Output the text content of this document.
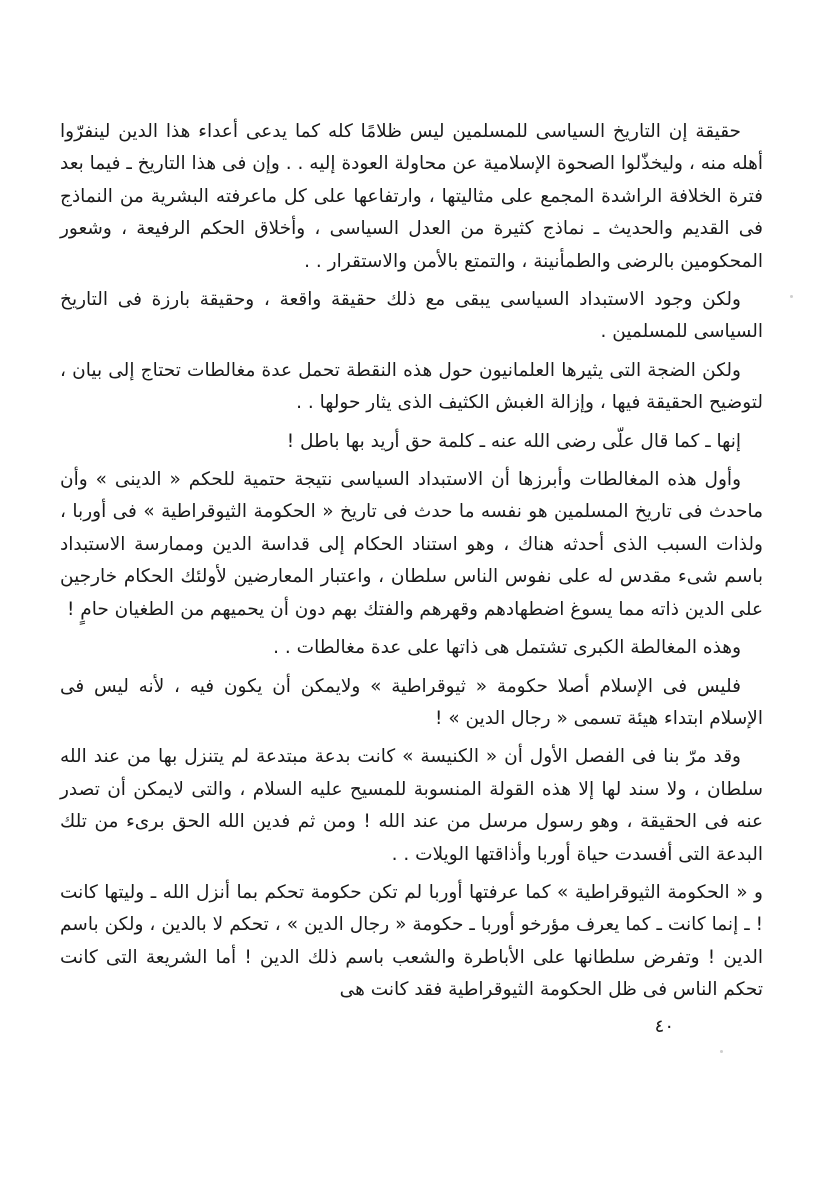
حقيقة إن التاريخ السياسى للمسلمين ليس ظلامًا كله كما يدعى أعداء هذا الدين لينفرّوا أهله منه ، وليخذّلوا الصحوة الإسلامية عن محاولة العودة إليه . . وإن فى هذا التاريخ ـ فيما بعد فترة الخلافة الراشدة المجمع على مثاليتها ، وارتفاعها على كل ماعرفته البشرية من النماذج فى القديم والحديث ـ نماذج كثيرة من العدل السياسى ، وأخلاق الحكم الرفيعة ، وشعور المحكومين بالرضى والطمأنينة ، والتمتع بالأمن والاستقرار . .

ولكن وجود الاستبداد السياسى يبقى مع ذلك حقيقة واقعة ، وحقيقة بارزة فى التاريخ السياسى للمسلمين .

ولكن الضجة التى يثيرها العلمانيون حول هذه النقطة تحمل عدة مغالطات تحتاج إلى بيان ، لتوضيح الحقيقة فيها ، وإزالة الغبش الكثيف الذى يثار حولها . .

إنها ـ كما قال علّى رضى الله عنه ـ كلمة حق أريد بها باطل !

وأول هذه المغالطات وأبرزها أن الاستبداد السياسى نتيجة حتمية للحكم « الدينى » وأن ماحدث فى تاريخ المسلمين هو نفسه ما حدث فى تاريخ « الحكومة الثيوقراطية » فى أوربا ، ولذات السبب الذى أحدثه هناك ، وهو استناد الحكام إلى قداسة الدين وممارسة الاستبداد باسم شىء مقدس له على نفوس الناس سلطان ، واعتبار المعارضين لأولئك الحكام خارجين على الدين ذاته مما يسوغ اضطهادهم وقهرهم والفتك بهم دون أن يحميهم من الطغيان حامٍ !

وهذه المغالطة الكبرى تشتمل هى ذاتها على عدة مغالطات . .

فليس فى الإسلام أصلا حكومة « ثيوقراطية » ولايمكن أن يكون فيه ، لأنه ليس فى الإسلام ابتداء هيئة تسمى « رجال الدين » !

وقد مرّ بنا فى الفصل الأول أن « الكنيسة » كانت بدعة مبتدعة لم يتنزل بها من عند الله سلطان ، ولا سند لها إلا هذه القولة المنسوبة للمسيح عليه السلام ، والتى لايمكن أن تصدر عنه فى الحقيقة ، وهو رسول مرسل من عند الله ! ومن ثم فدين الله الحق برىء من تلك البدعة التى أفسدت حياة أوربا وأذاقتها الويلات . .

و « الحكومة الثيوقراطية » كما عرفتها أوربا لم تكن حكومة تحكم بما أنزل الله ـ وليتها كانت ! ـ إنما كانت ـ كما يعرف مؤرخو أوربا ـ حكومة « رجال الدين » ، تحكم لا بالدين ، ولكن باسم الدين ! وتفرض سلطانها على الأباطرة والشعب باسم ذلك الدين ! أما الشريعة التى كانت تحكم الناس فى ظل الحكومة الثيوقراطية فقد كانت هى

٤٠
